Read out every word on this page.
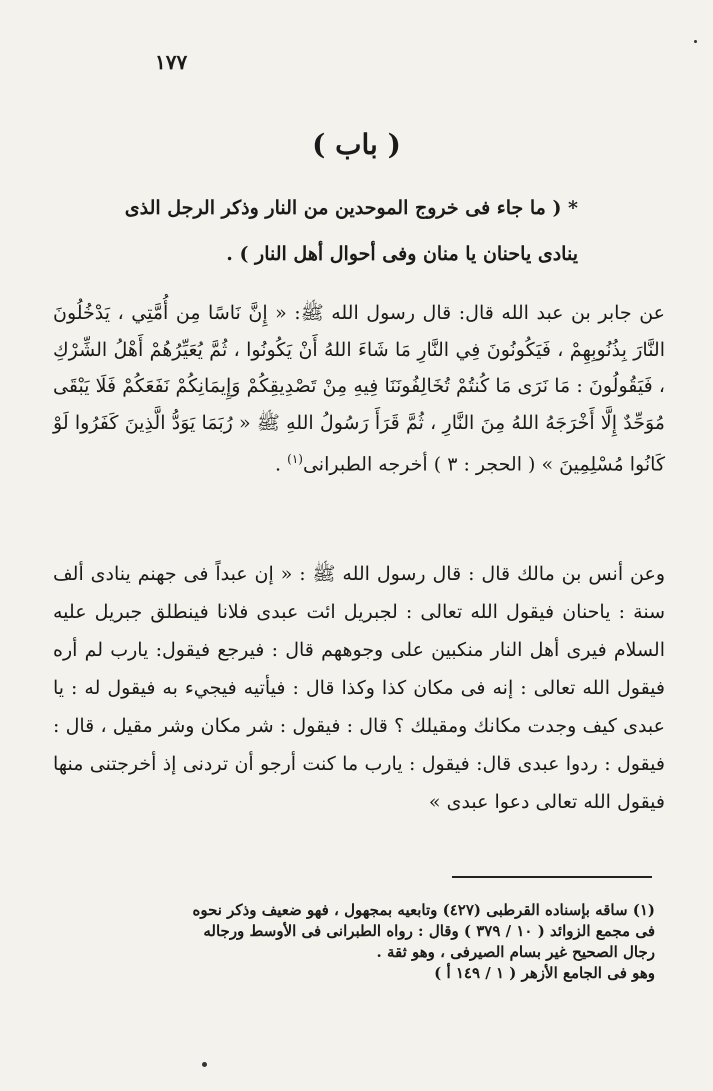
١٧٧
( باب )
* ( ما جاء فى خروج الموحدين من النار وذكر الرجل الذى ينادى ياحنان يا منان وفى أحوال أهل النار ) .

عن جابر بن عبد الله قال: قال رسول الله ﷺ: « إِنَّ نَاسًا مِن أُمَّتِي ، يَدْخُلُونَ النَّارَ بِذُنُوبِهِمْ ، فَيَكُونُونَ فِي النَّارِ مَا شَاءَ اللهُ أَنْ يَكُونُوا ، ثُمَّ يُعَيِّرُهُمْ أَهْلُ الشِّرْكِ ، فَيَقُولُونَ : مَا نَرَى مَا كُنتُمْ تُخَالِفُونَنَا فِيهِ مِنْ تَصْدِيقِكُمْ وَإِيمَانِكُمْ نَفَعَكُمْ فَلَا يَبْقَى مُوَحِّدٌ إِلَّا أَخْرَجَهُ اللهُ مِنَ النَّارِ ، ثُمَّ قَرَأَ رَسُولُ اللهِ ﷺ « رُبَمَا يَوَدُّ الَّذِينَ كَفَرُوا لَوْ كَانُوا مُسْلِمِينَ » ( الحجر : ٣ ) أخرجه الطبرانى$^{(١)}$ .

وعن أنس بن مالك قال : قال رسول الله ﷺ : « إن عبداً فى جهنم ينادى ألف سنة : ياحنان فيقول الله تعالى : لجبريل ائت عبدى فلانا فينطلق جبريل عليه السلام فيرى أهل النار منكبين على وجوههم قال : فيرجع فيقول: يارب لم أره فيقول الله تعالى : إنه فى مكان كذا وكذا قال : فيأتيه فيجيء به فيقول له : يا عبدى كيف وجدت مكانك ومقيلك ؟ قال : فيقول : شر مكان وشر مقيل ، قال : فيقول : ردوا عبدى قال: فيقول : يارب ما كنت أرجو أن تردنى إذ أخرجتنى منها فيقول الله تعالى دعوا عبدى »

(١) ساقه بإسناده القرطبى (٤٢٧) وتابعيه بمجهول ، فهو ضعيف وذكر نحوه

فى مجمع الزوائد ( ١٠ / ٣٧٩ ) وقال : رواه الطبرانى فى الأوسط ورجاله

رجال الصحيح غير بسام الصيرفى ، وهو ثقة .

وهو فى الجامع الأزهر ( ١ / ١٤٩ أ )
